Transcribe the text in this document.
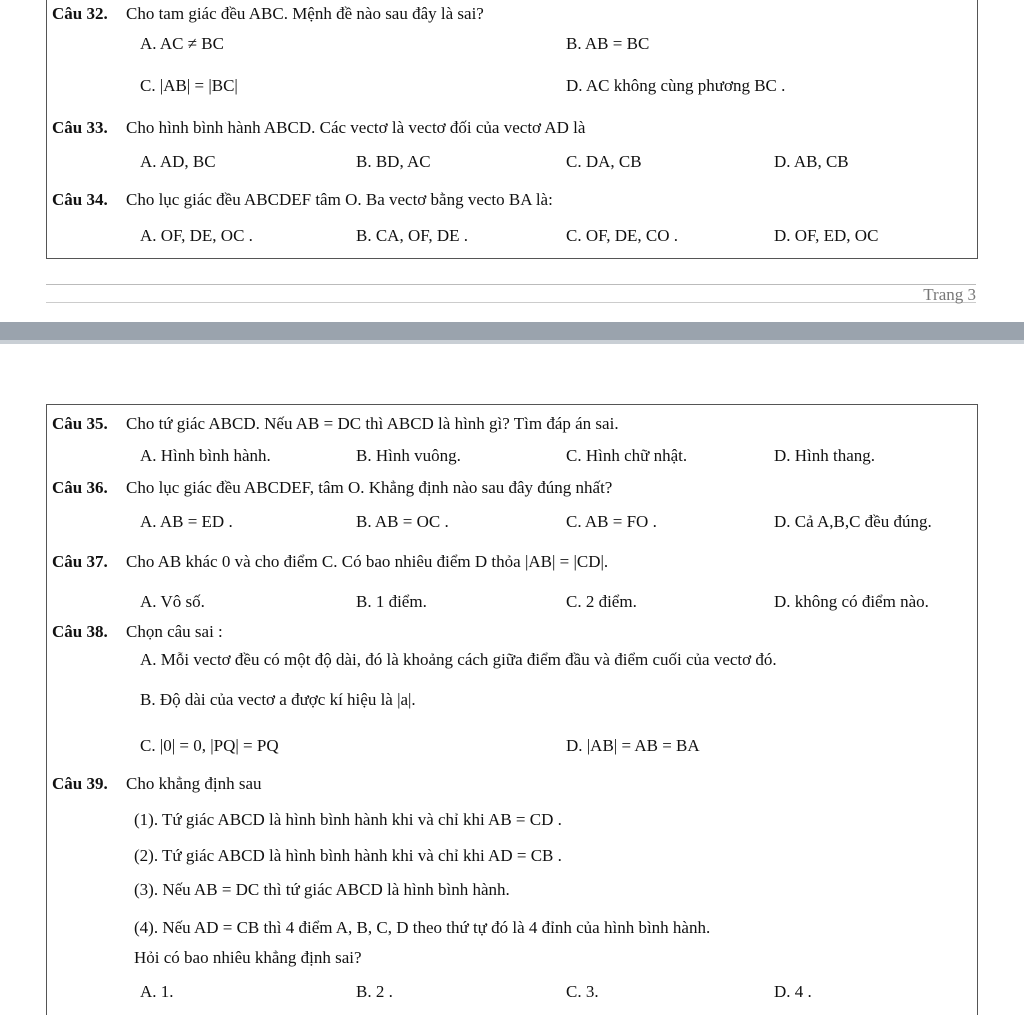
Trang 3
Câu 32. Cho tam giác đều ABC. Mệnh đề nào sau đây là sai?
A. AC ≠ BC	B. AB = BC
C. |AB| = |BC|	D. AC không cùng phương BC .
Câu 33. Cho hình bình hành ABCD. Các vectơ là vectơ đối của vectơ AD là
A. AD, BC	B. BD, AC	C. DA, CB	D. AB, CB
Câu 34. Cho lục giác đều ABCDEF tâm O. Ba vectơ bằng vecto BA là:
A. OF, DE, OC .	B. CA, OF, DE .	C. OF, DE, CO .	D. OF, ED, OC
Câu 35. Cho tứ giác ABCD. Nếu AB = DC thì ABCD là hình gì? Tìm đáp án sai.
A. Hình bình hành.	B. Hình vuông.	C. Hình chữ nhật.	D. Hình thang.
Câu 36. Cho lục giác đều ABCDEF, tâm O. Khẳng định nào sau đây đúng nhất?
A. AB = ED .	B. AB = OC .	C. AB = FO .	D. Cả A,B,C đều đúng.
Câu 37. Cho AB khác 0 và cho điểm C. Có bao nhiêu điểm D thỏa |AB| = |CD|.
A. Vô số.	B. 1 điểm.	C. 2 điểm.	D. không có điểm nào.
Câu 38. Chọn câu sai :
A. Mỗi vectơ đều có một độ dài, đó là khoảng cách giữa điểm đầu và điểm cuối của vectơ đó.
B. Độ dài của vectơ a được kí hiệu là |a|.
C. |0| = 0, |PQ| = PQ	D. |AB| = AB = BA
Câu 39. Cho khẳng định sau
(1). Tứ giác ABCD là hình bình hành khi và chỉ khi AB = CD .
(2). Tứ giác ABCD là hình bình hành khi và chỉ khi AD = CB .
(3). Nếu AB = DC thì tứ giác ABCD là hình bình hành.
(4). Nếu AD = CB thì 4 điểm A, B, C, D theo thứ tự đó là 4 đỉnh của hình bình hành.
Hỏi có bao nhiêu khẳng định sai?
A. 1.	B. 2 .	C. 3.	D. 4 .
